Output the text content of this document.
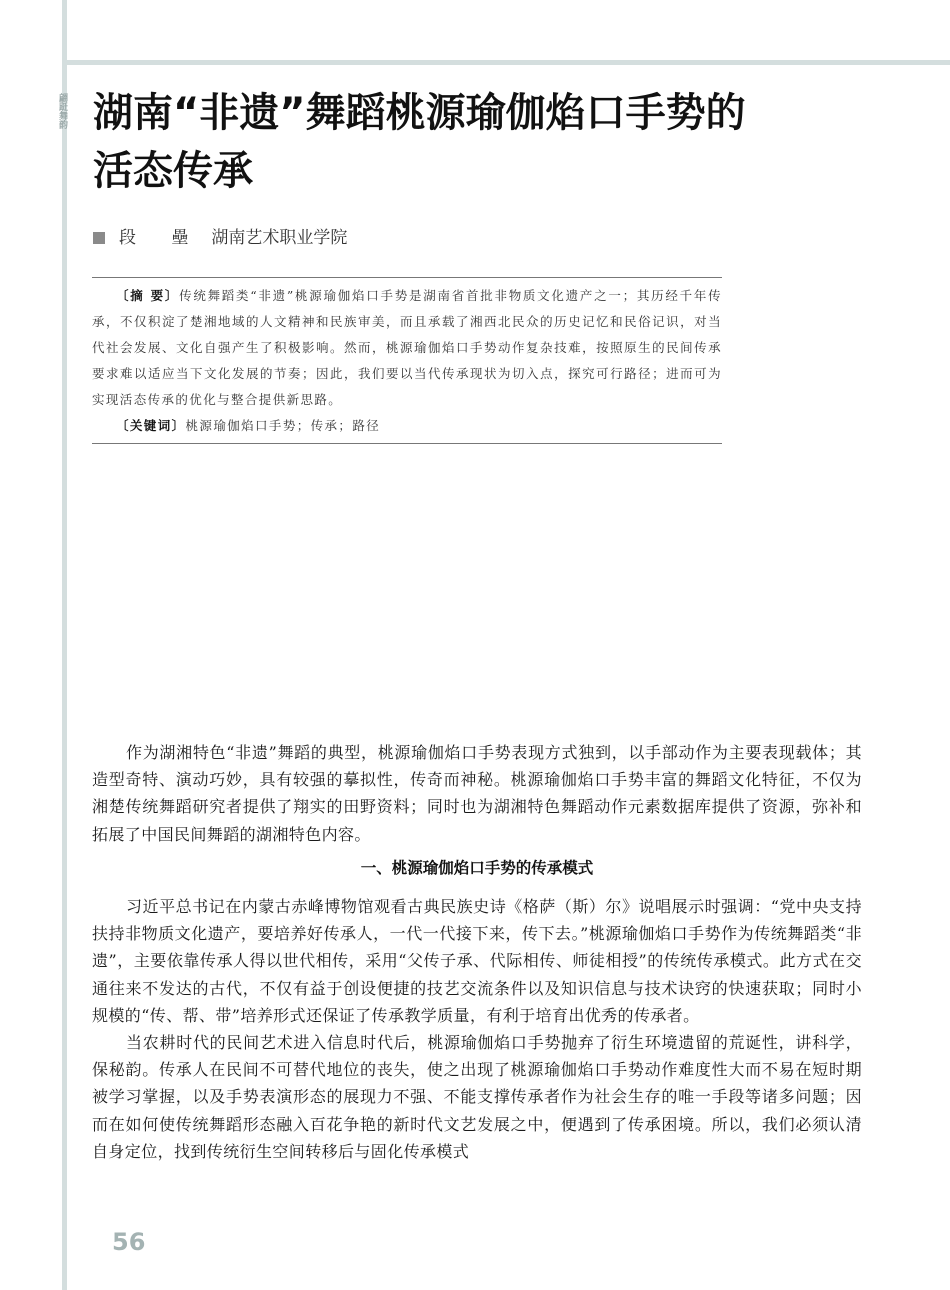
翩跹舞韵 湖南“非遗”舞蹈桃源瑜伽焰口手势的
活态传承
段 壘 湖南艺术职业学院

〔摘 要〕传统舞蹈类“非遗”桃源瑜伽焰口手势是湖南省首批非物质文化遗产之一；其历经千年传承，不仅积淀了楚湘地域的人文精神和民族审美，而且承载了湘西北民众的历史记忆和民俗记识，对当代社会发展、文化自强产生了积极影响。然而，桃源瑜伽焰口手势动作复杂技难，按照原生的民间传承要求难以适应当下文化发展的节奏；因此，我们要以当代传承现状为切入点，探究可行路径；进而可为实现活态传承的优化与整合提供新思路。

〔关键词〕桃源瑜伽焰口手势；传承；路径

作为湖湘特色“非遗”舞蹈的典型，桃源瑜伽焰口手势表现方式独到，以手部动作为主要表现载体；其造型奇特、演动巧妙，具有较强的摹拟性，传奇而神秘。桃源瑜伽焰口手势丰富的舞蹈文化特征，不仅为湘楚传统舞蹈研究者提供了翔实的田野资料；同时也为湖湘特色舞蹈动作元素数据库提供了资源，弥补和拓展了中国民间舞蹈的湖湘特色内容。

一、桃源瑜伽焰口手势的传承模式

习近平总书记在内蒙古赤峰博物馆观看古典民族史诗《格萨（斯）尔》说唱展示时强调：“党中央支持扶持非物质文化遗产，要培养好传承人，一代一代接下来，传下去。”桃源瑜伽焰口手势作为传统舞蹈类“非遗”，主要依靠传承人得以世代相传，采用“父传子承、代际相传、师徒相授”的传统传承模式。此方式在交通往来不发达的古代，不仅有益于创设便捷的技艺交流条件以及知识信息与技术诀窍的快速获取；同时小规模的“传、帮、带”培养形式还保证了传承教学质量，有利于培育出优秀的传承者。

当农耕时代的民间艺术进入信息时代后，桃源瑜伽焰口手势抛弃了衍生环境遗留的荒诞性，讲科学，保秘韵。传承人在民间不可替代地位的丧失，使之出现了桃源瑜伽焰口手势动作难度性大而不易在短时期被学习掌握，以及手势表演形态的展现力不强、不能支撑传承者作为社会生存的唯一手段等诸多问题；因而在如何使传统舞蹈形态融入百花争艳的新时代文艺发展之中，便遇到了传承困境。所以，我们必须认清自身定位，找到传统衍生空间转移后与固化传承模式

56
